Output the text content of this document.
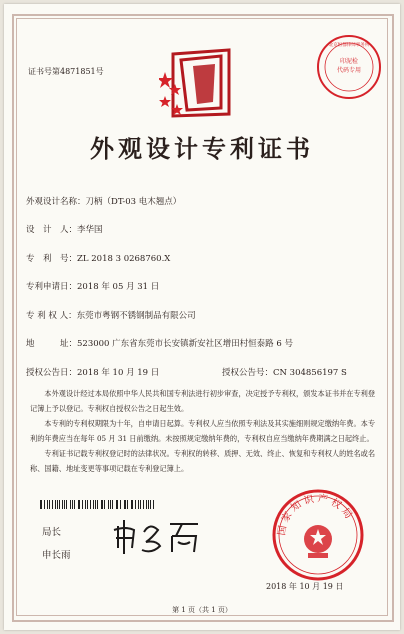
证书号第4871851号
印泥检
代码专用
北京恒都律师事务所
外观设计专利证书
外观设计名称：刀柄（DT-03 电木翘点）
设　计　人：李华国
专　利　号：ZL 2018 3 0268760.X
专利申请日：2018 年 05 月 31 日
专 利 权 人：东莞市粤钢不锈钢制品有限公司
地　　　址：523000 广东省东莞市长安镇新安社区增田村恒泰路 6 号
授权公告日：2018 年 10 月 19 日	授权公告号：CN 304856197 S

本外观设计经过本局依照中华人民共和国专利法进行初步审查，决定授予专利权，颁发本证书并在专利登记簿上予以登记。专利权自授权公告之日起生效。

本专利的专利权期限为十年，自申请日起算。专利权人应当依照专利法及其实施细则规定缴纳年费。本专利的年费应当在每年 05 月 31 日前缴纳。未按照规定缴纳年费的，专利权自应当缴纳年费期满之日起终止。

专利证书记载专利权登记时的法律状况。专利权的转移、质押、无效、终止、恢复和专利权人的姓名或名称、国籍、地址变更等事项记载在专利登记簿上。

局长
申长雨
国家知识产权局
2018 年 10 月 19 日
第 1 页（共 1 页）
